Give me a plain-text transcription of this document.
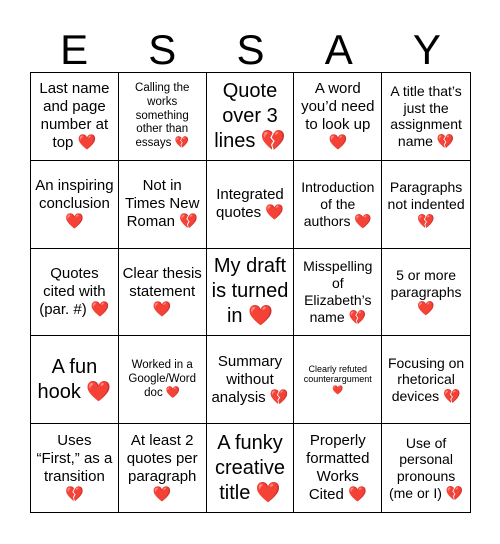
E	S	S	A	Y
Last name and page number at top ❤️
Calling the works something other than essays 💔
Quote over 3 lines 💔
A word you’d need to look up ❤️
A title that’s just the assignment name 💔
An inspiring conclusion ❤️
Not in Times New Roman 💔
Integrated quotes ❤️
Introduction of the authors ❤️
Paragraphs not indented 💔
Quotes cited with (par. #) ❤️
Clear thesis statement ❤️
My draft is turned in ❤️
Misspelling of Elizabeth’s name 💔
5 or more paragraphs ❤️
A fun hook ❤️
Worked in a Google/Word doc ❤️
Summary without analysis 💔
Clearly refuted counterargument ❤️
Focusing on rhetorical devices 💔
Uses “First,” as a transition 💔
At least 2 quotes per paragraph ❤️
A funky creative title ❤️
Properly formatted Works Cited ❤️
Use of personal pronouns (me or I) 💔
